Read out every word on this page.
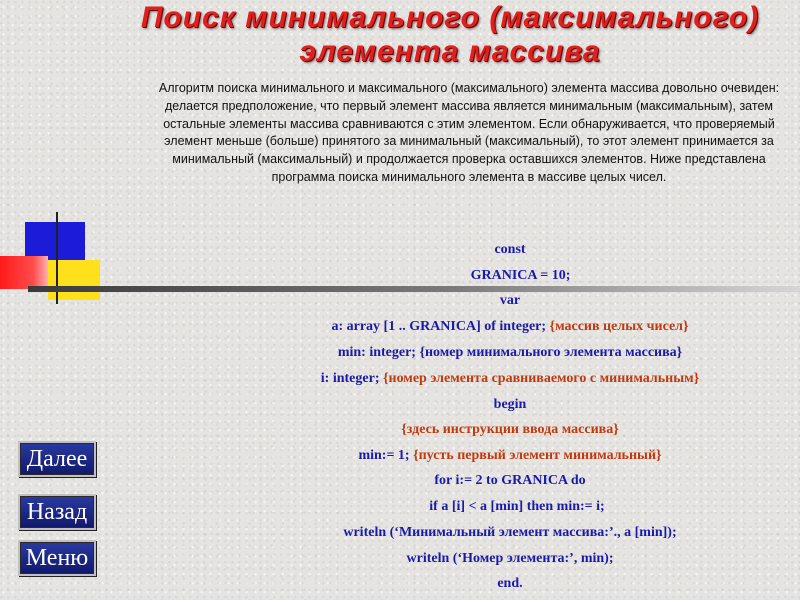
Поиск минимального (максимального)
элемента массива
Алгоритм поиска минимального и максимального (максимального) элемента массива довольно очевиден: делается предположение, что первый элемент массива является минимальным (максимальным), затем остальные элементы массива сравниваются с этим элементом. Если обнаруживается, что проверяемый элемент меньше (больше) принятого за минимальный (максимальный), то этот элемент принимается за минимальный (максимальный) и продолжается проверка оставшихся элементов. Ниже представлена программа поиска минимального элемента в массиве целых чисел.
const
GRANICA = 10;
var
a: array [1 .. GRANICA] of integer; {массив целых чисел}
min: integer; {номер минимального элемента массива}
i: integer; {номер элемента сравниваемого с минимальным}
begin
{здесь инструкции ввода массива}
min:= 1; {пусть первый элемент минимальный}
for i:= 2 to GRANICA do
if a [i] < a [min] then min:= i;
writeln (‘Минимальный элемент массива:’., a [min]);
writeln (‘Номер элемента:’, min);
end.
Далее
Назад
Меню
